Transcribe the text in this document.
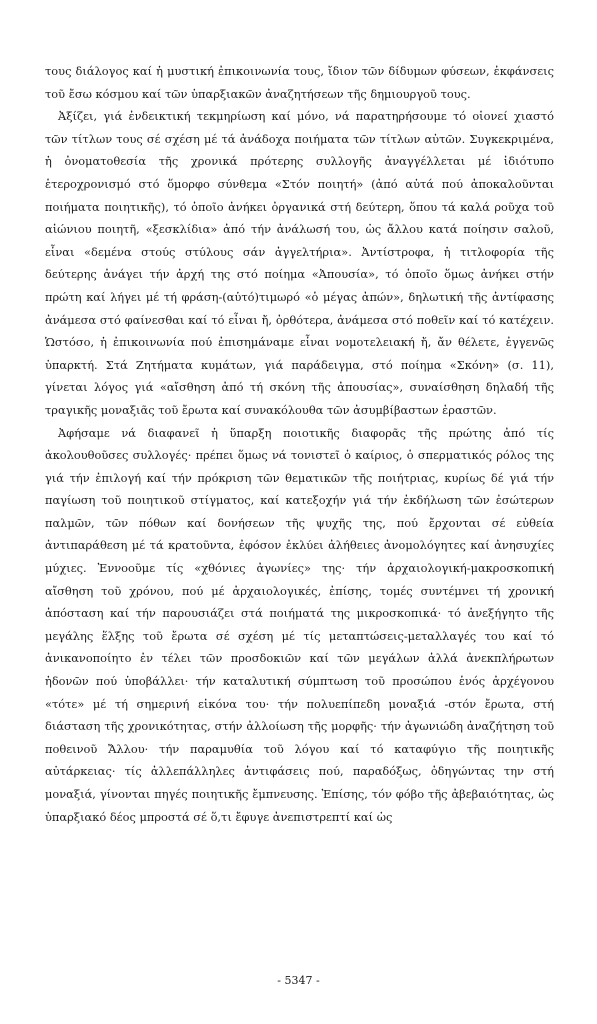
τους διάλογος καί ἡ μυστική ἐπικοινωνία τους, ἴδιον τῶν δίδυμων φύσεων, ἐκφάνσεις τοῦ ἔσω κόσμου καί τῶν ὑπαρξιακῶν ἀναζητήσεων τῆς δημιουργοῦ τους.

Ἀξίζει, γιά ἐνδεικτική τεκμηρίωση καί μόνο, νά παρατηρήσουμε τό οἱονεί χιαστό τῶν τίτλων τους σέ σχέση μέ τά ἀνάδοχα ποιήματα τῶν τίτλων αὐτῶν. Συγκεκριμένα, ἡ ὀνοματοθεσία τῆς χρονικά πρότερης συλλογῆς ἀναγγέλλεται μέ ἰδιότυπο ἑτεροχρονισμό στό ὅμορφο σύνθεμα «Στόν ποιητή» (ἀπό αὐτά πού ἀποκαλοῦνται ποιήματα ποιητικῆς), τό ὁποῖο ἀνήκει ὀργανικά στή δεύτερη, ὅπου τά καλά ροῦχα τοῦ αἰώνιου ποιητῆ, «ξεσκλίδια» ἀπό τήν ἀνάλωσή του, ὡς ἄλλου κατά ποίησιν σαλοῦ, εἶναι «δεμένα στούς στύλους σάν ἀγγελτήρια». Ἀντίστροφα, ἡ τιτλοφορία τῆς δεύτερης ἀνάγει τήν ἀρχή της στό ποίημα «Ἀπουσία», τό ὁποῖο ὅμως ἀνήκει στήν πρώτη καί λήγει μέ τή φράση-(αὐτό)τιμωρό «ὁ μέγας ἀπών», δηλωτική τῆς ἀντίφασης ἀνάμεσα στό φαίνεσθαι καί τό εἶναι ἤ, ὀρθότερα, ἀνάμεσα στό ποθεῖν καί τό κατέχειν. Ὡστόσο, ἡ ἐπικοινωνία πού ἐπισημάναμε εἶναι νομοτελειακή ἤ, ἄν θέλετε, ἐγγενῶς ὑπαρκτή. Στά Ζητήματα κυμάτων, γιά παράδειγμα, στό ποίημα «Σκόνη» (σ. 11), γίνεται λόγος γιά «αἴσθηση ἀπό τή σκόνη τῆς ἀπουσίας», συναίσθηση δηλαδή τῆς τραγικῆς μοναξιᾶς τοῦ ἔρωτα καί συνακόλουθα τῶν ἀσυμβίβαστων ἐραστῶν.

Ἀφήσαμε νά διαφανεῖ ἡ ὕπαρξη ποιοτικῆς διαφορᾶς τῆς πρώτης ἀπό τίς ἀκολουθοῦσες συλλογές· πρέπει ὅμως νά τονιστεῖ ὁ καίριος, ὁ σπερματικός ρόλος της γιά τήν ἐπιλογή καί τήν πρόκριση τῶν θεματικῶν τῆς ποιήτριας, κυρίως δέ γιά τήν παγίωση τοῦ ποιητικοῦ στίγματος, καί κατεξοχήν γιά τήν ἐκδήλωση τῶν ἐσώτερων παλμῶν, τῶν πόθων καί δονήσεων τῆς ψυχῆς της, πού ἔρχονται σέ εὐθεία ἀντιπαράθεση μέ τά κρατοῦντα, ἐφόσον ἐκλύει ἀλήθειες ἀνομολόγητες καί ἀνησυχίες μύχιες. Ἐννοοῦμε τίς «χθόνιες ἀγωνίες» της· τήν ἀρχαιολογική-μακροσκοπική αἴσθηση τοῦ χρόνου, πού μέ ἀρχαιολογικές, ἐπίσης, τομές συντέμνει τή χρονική ἀπόσταση καί τήν παρουσιάζει στά ποιήματά της μικροσκοπικά· τό ἀνεξήγητο τῆς μεγάλης ἕλξης τοῦ ἔρωτα σέ σχέση μέ τίς μεταπτώσεις-μεταλλαγές του καί τό ἀνικανοποίητο ἐν τέλει τῶν προσδοκιῶν καί τῶν μεγάλων ἀλλά ἀνεκπλήρωτων ἡδονῶν πού ὑποβάλλει· τήν καταλυτική σύμπτωση τοῦ προσώπου ἑνός ἀρχέγονου «τότε» μέ τή σημερινή εἰκόνα του· τήν πολυεπίπεδη μοναξιά -στόν ἔρωτα, στή διάσταση τῆς χρονικότητας, στήν ἀλλοίωση τῆς μορφῆς· τήν ἀγωνιώδη ἀναζήτηση τοῦ ποθεινοῦ Ἄλλου· τήν παραμυθία τοῦ λόγου καί τό καταφύγιο τῆς ποιητικῆς αὐτάρκειας· τίς ἀλλεπάλληλες ἀντιφάσεις πού, παραδόξως, ὁδηγώντας την στή μοναξιά, γίνονται πηγές ποιητικῆς ἔμπνευσης. Ἐπίσης, τόν φόβο τῆς ἀβεβαιότητας, ὡς ὑπαρξιακό δέος μπροστά σέ ὅ,τι ἔφυγε ἀνεπιστρεπτί καί ὡς

- 5347 -
